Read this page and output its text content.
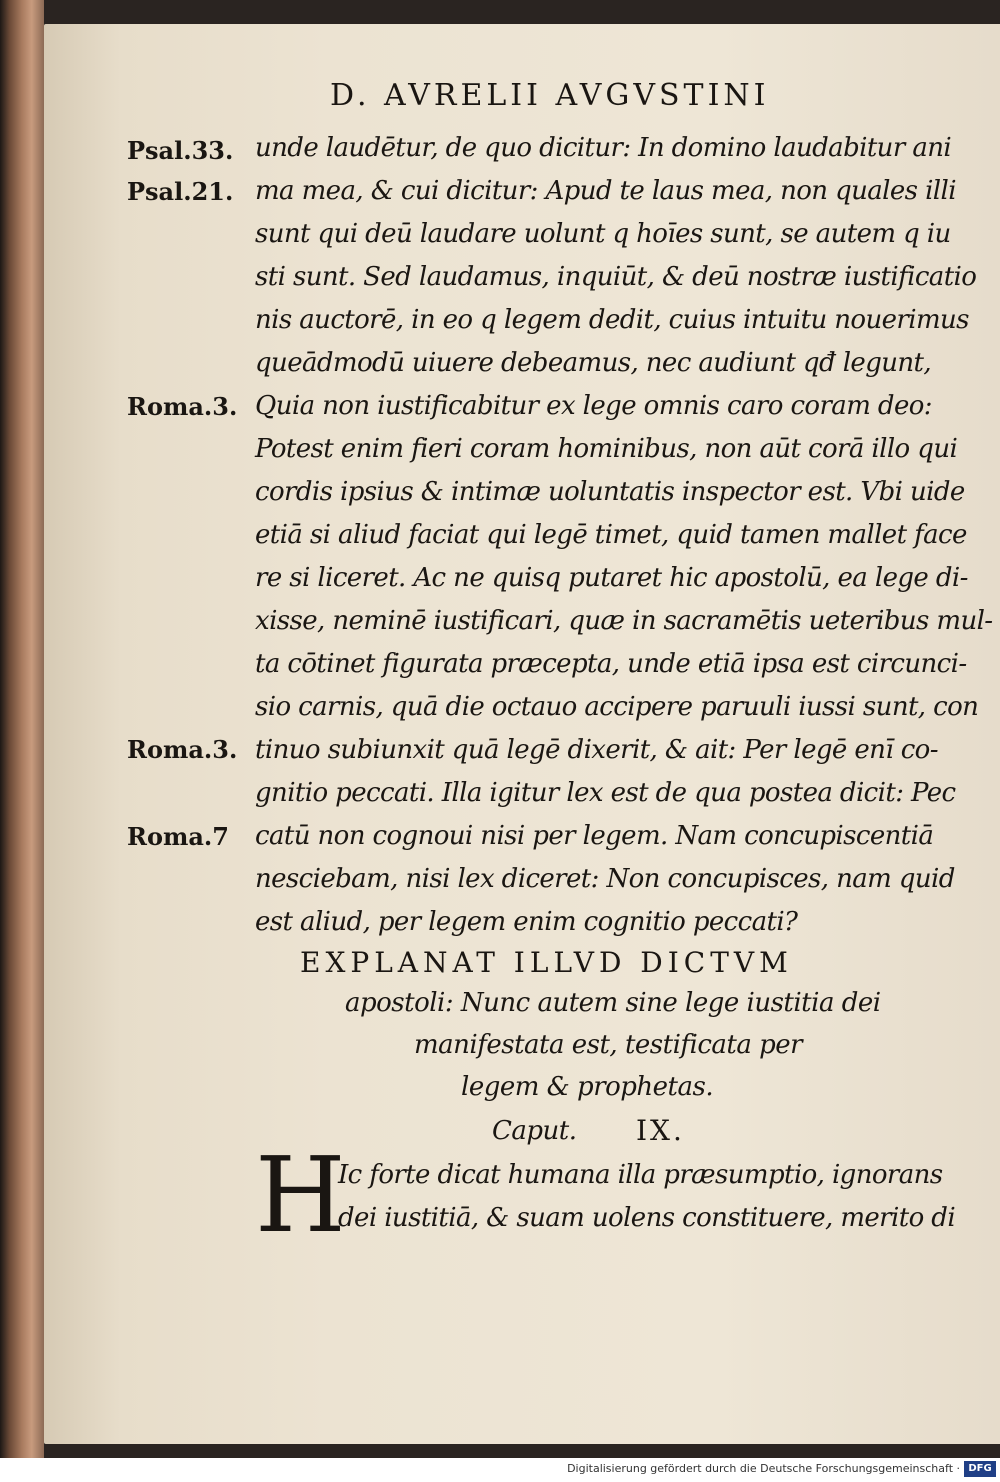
D. AVRELII AVGVSTINI
Psal.33.
Psal.21.
Roma.3.
Roma.3.
Roma.7
unde laudētur, de quo dicitur: In domino laudabitur ani
ma mea, & cui dicitur: Apud te laus mea, non quales illi
sunt qui deū laudare uolunt q hoīes sunt, se autem q iu
sti sunt. Sed laudamus, inquiūt, & deū nostræ iustificatio
nis auctorē, in eo q legem dedit, cuius intuitu nouerimus
queādmodū uiuere debeamus, nec audiunt qđ legunt,
Quia non iustificabitur ex lege omnis caro coram deo:
Potest enim fieri coram hominibus, non aūt corā illo qui
cordis ipsius & intimæ uoluntatis inspector est. Vbi uide
etiā si aliud faciat qui legē timet, quid tamen mallet face
re si liceret. Ac ne quisq putaret hic apostolū, ea lege di-
xisse, neminē iustificari, quæ in sacramētis ueteribus mul-
ta cōtinet figurata præcepta, unde etiā ipsa est circunci-
sio carnis, quā die octauo accipere paruuli iussi sunt, con
tinuo subiunxit quā legē dixerit, & ait: Per legē enī co-
gnitio peccati. Illa igitur lex est de qua postea dicit: Pec
catū non cognoui nisi per legem. Nam concupiscentiā
nesciebam, nisi lex diceret: Non concupisces, nam quid
est aliud, per legem enim cognitio peccati?
EXPLANAT ILLVD DICTVM
apostoli: Nunc autem sine lege iustitia dei
manifestata est, testificata per
legem & prophetas.
Caput. IX.
H
Ic forte dicat humana illa præsumptio, ignorans
dei iustitiā, & suam uolens constituere, merito di
Digitalisierung gefördert durch die Deutsche Forschungsgemeinschaft · DFG
